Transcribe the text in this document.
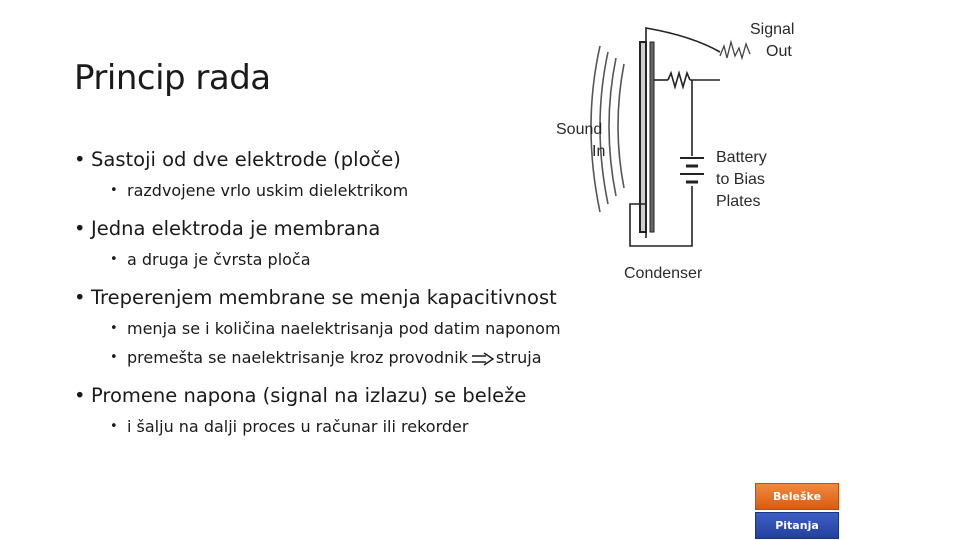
Princip rada
• Sastoji od dve elektrode (ploče)
• razdvojene vrlo uskim dielektrikom
• Jedna elektroda je membrana
• a druga je čvrsta ploča
• Treperenjem membrane se menja kapacitivnost
• menja se i količina naelektrisanja pod datim naponom
• premešta se naelektrisanje kroz provodnik struja
• Promene napona (signal na izlazu) se beleže
• i šalju na dalji proces u računar ili rekorder
Signal
Out
Sound
In	Battery
to Bias
Plates
Condenser
Beleške
Pitanja
